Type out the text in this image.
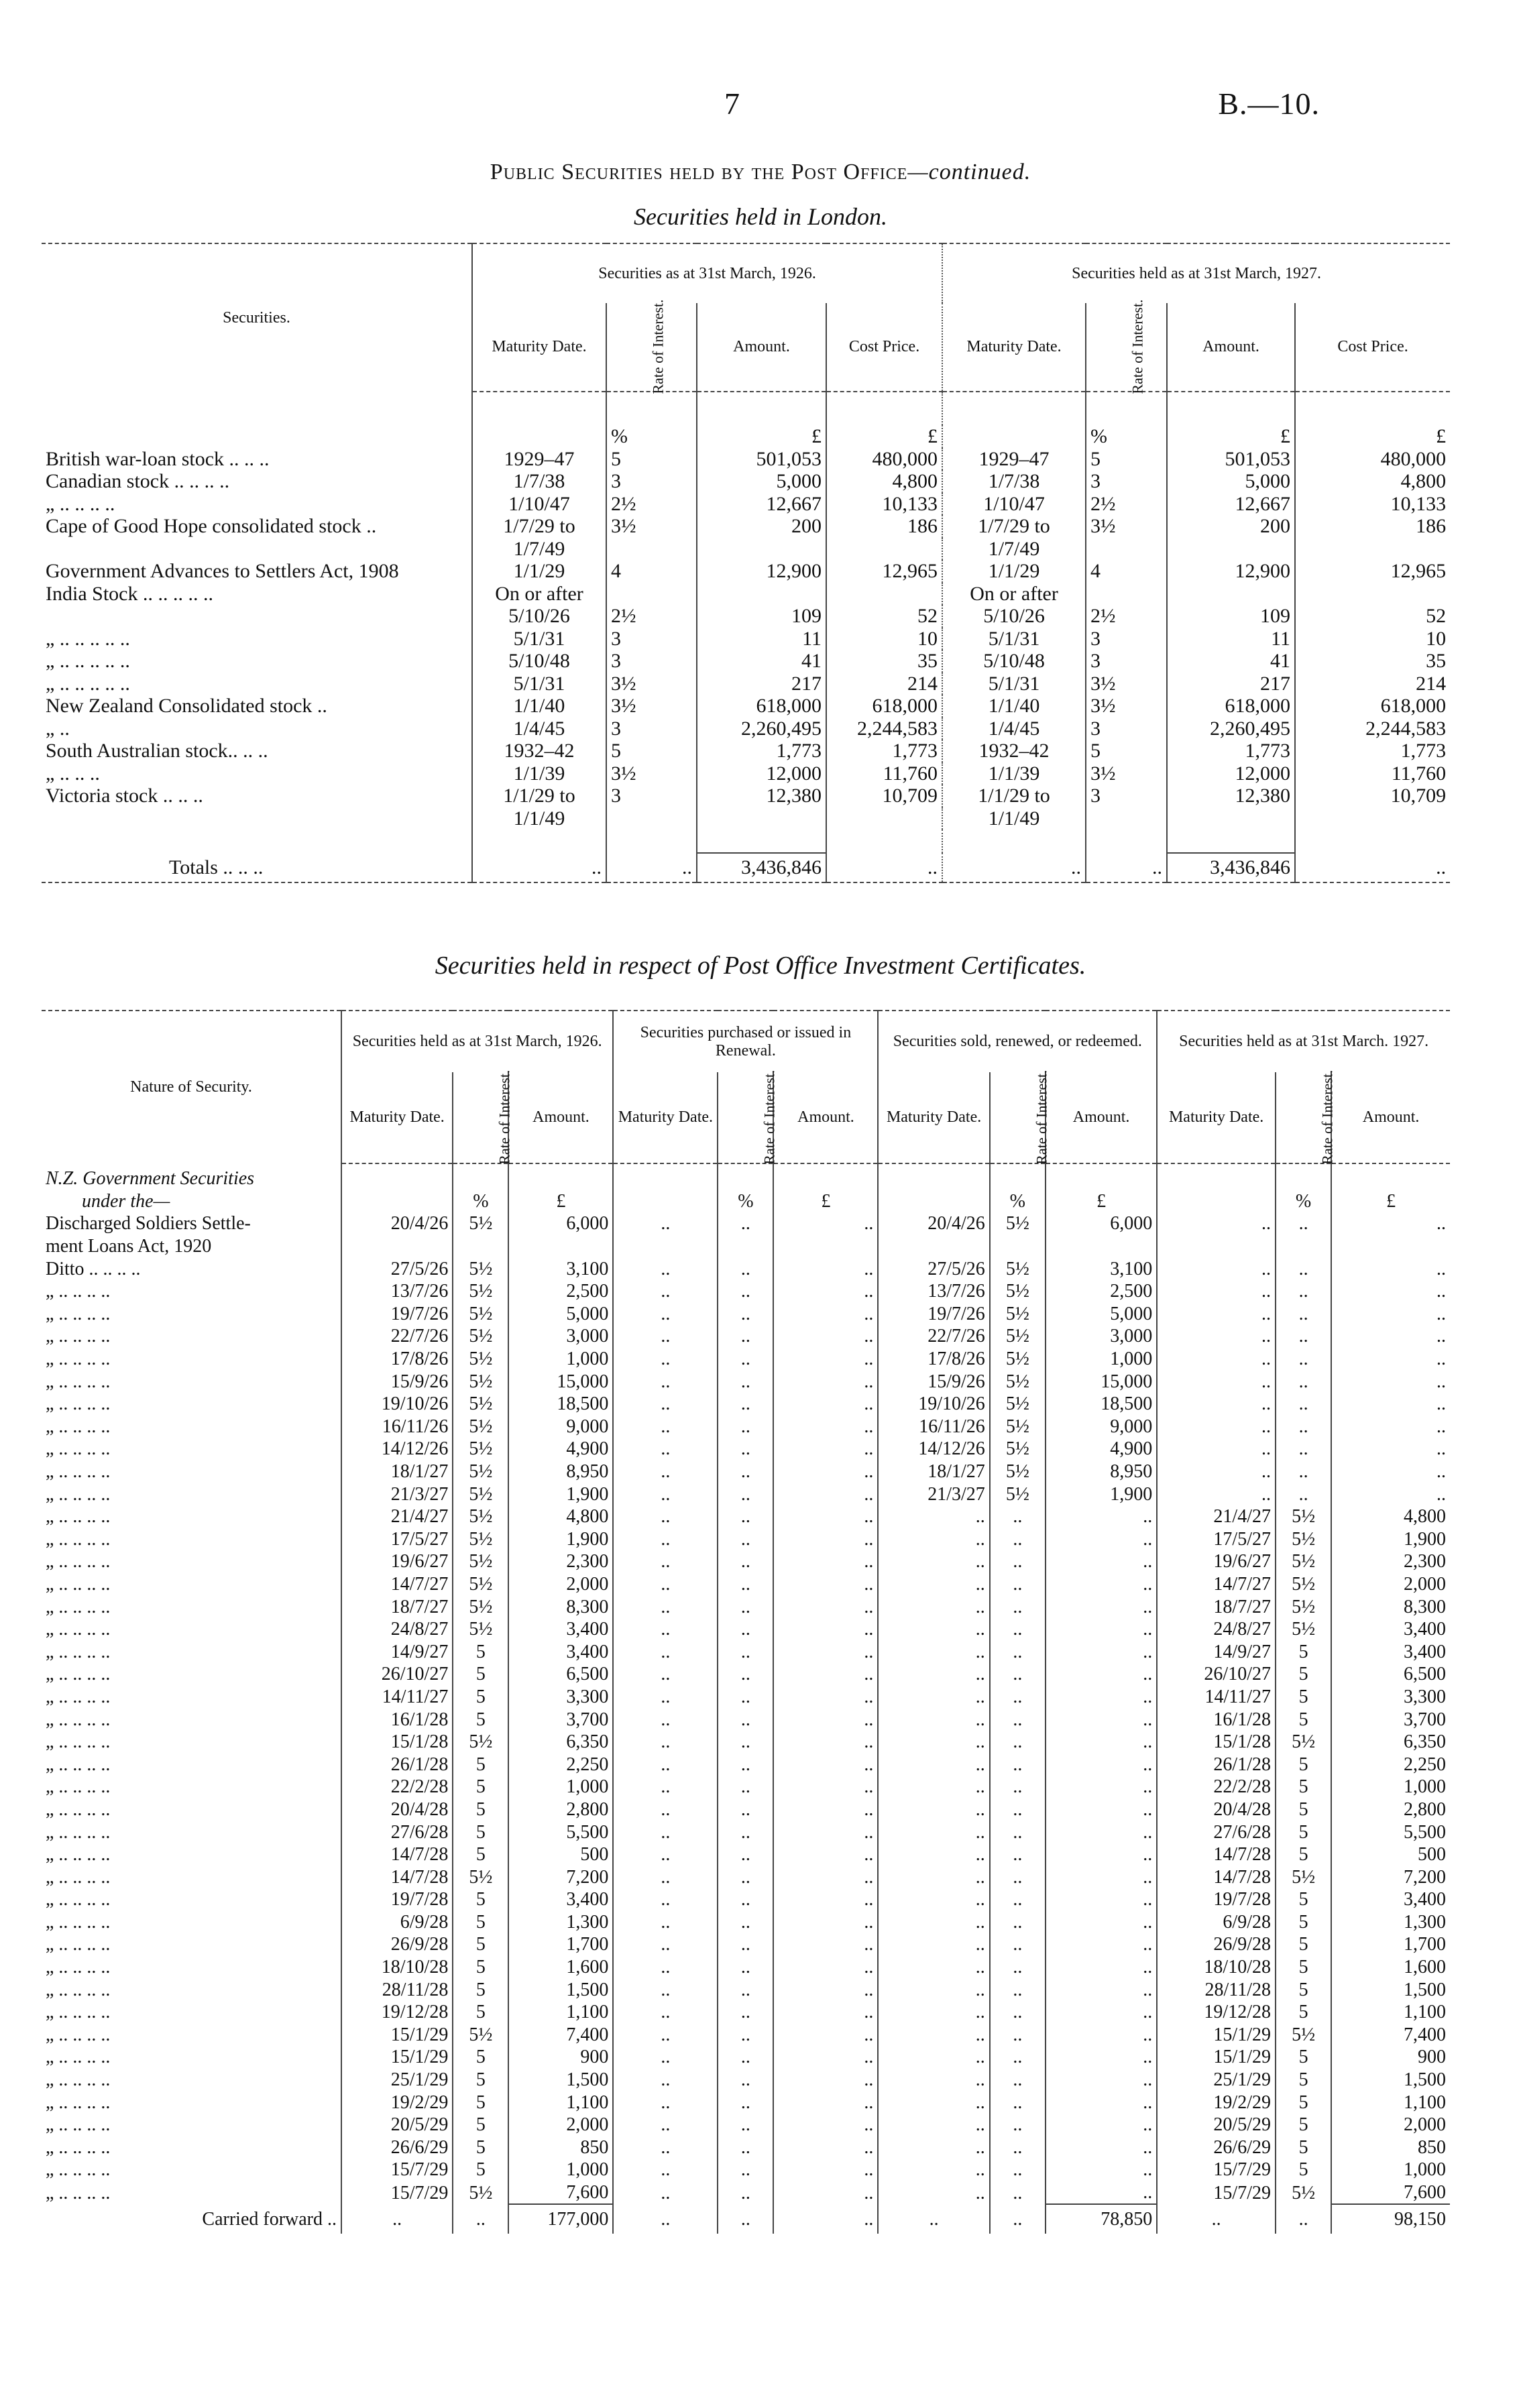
7	B.—10.
Public Securities held by the Post Office—continued.
Securities held in London.
Securities.	Securities as at 31st March, 1926.				Securities held as at 31st March, 1927.			
	Maturity Date.	Rate of Interest.	Amount.	Cost Price.	Maturity Date.	Rate of Interest.	Amount.	Cost Price.

		%	£	£		%	£	£
British war-loan stock .. .. ..	1929–47	5	501,053	480,000	1929–47	5	501,053	480,000
Canadian stock .. .. .. ..	1/7/38	3	5,000	4,800	1/7/38	3	5,000	4,800
„ .. .. .. ..	1/10/47	2½	12,667	10,133	1/10/47	2½	12,667	10,133
Cape of Good Hope consolidated stock ..	1/7/29 to	3½	200	186	1/7/29 to	3½	200	186
	1/7/49				1/7/49			
Government Advances to Settlers Act, 1908	1/1/29	4	12,900	12,965	1/1/29	4	12,900	12,965
India Stock .. .. .. .. ..	On or after				On or after			
	5/10/26	2½	109	52	5/10/26	2½	109	52
„ .. .. .. .. ..	5/1/31	3	11	10	5/1/31	3	11	10
„ .. .. .. .. ..	5/10/48	3	41	35	5/10/48	3	41	35
„ .. .. .. .. ..	5/1/31	3½	217	214	5/1/31	3½	217	214
New Zealand Consolidated stock ..	1/1/40	3½	618,000	618,000	1/1/40	3½	618,000	618,000
„ ..	1/4/45	3	2,260,495	2,244,583	1/4/45	3	2,260,495	2,244,583
South Australian stock.. .. ..	1932–42	5	1,773	1,773	1932–42	5	1,773	1,773
„ .. .. ..	1/1/39	3½	12,000	11,760	1/1/39	3½	12,000	11,760
Victoria stock .. .. ..	1/1/29 to	3	12,380	10,709	1/1/29 to	3	12,380	10,709
	1/1/49				1/1/49			

Totals .. .. ..	..	..	3,436,846	..	..	..	3,436,846	..
Securities held in respect of Post Office Investment Certificates.
Nature of Security.	Securities held as at 31st March, 1926.			Securities purchased or issued in Renewal.			Securities sold, renewed, or redeemed.			Securities held as at 31st March. 1927.		
	Maturity Date.	Rate of Interest.	Amount.	Maturity Date.	Rate of Interest.	Amount.	Maturity Date.	Rate of Interest.	Amount.	Maturity Date.	Rate of Interest.	Amount.
N.Z. Government Securities												
under the—		%	£		%	£		%	£		%	£
Discharged Soldiers Settle-	20/4/26	5½	6,000	..	..	..	20/4/26	5½	6,000	..	..	..
ment Loans Act, 1920												
Ditto .. .. .. ..	27/5/26	5½	3,100	..	..	..	27/5/26	5½	3,100	..	..	..
„ .. .. .. ..	13/7/26	5½	2,500	..	..	..	13/7/26	5½	2,500	..	..	..
„ .. .. .. ..	19/7/26	5½	5,000	..	..	..	19/7/26	5½	5,000	..	..	..
„ .. .. .. ..	22/7/26	5½	3,000	..	..	..	22/7/26	5½	3,000	..	..	..
„ .. .. .. ..	17/8/26	5½	1,000	..	..	..	17/8/26	5½	1,000	..	..	..
„ .. .. .. ..	15/9/26	5½	15,000	..	..	..	15/9/26	5½	15,000	..	..	..
„ .. .. .. ..	19/10/26	5½	18,500	..	..	..	19/10/26	5½	18,500	..	..	..
„ .. .. .. ..	16/11/26	5½	9,000	..	..	..	16/11/26	5½	9,000	..	..	..
„ .. .. .. ..	14/12/26	5½	4,900	..	..	..	14/12/26	5½	4,900	..	..	..
„ .. .. .. ..	18/1/27	5½	8,950	..	..	..	18/1/27	5½	8,950	..	..	..
„ .. .. .. ..	21/3/27	5½	1,900	..	..	..	21/3/27	5½	1,900	..	..	..
„ .. .. .. ..	21/4/27	5½	4,800	..	..	..	..	..	..	21/4/27	5½	4,800
„ .. .. .. ..	17/5/27	5½	1,900	..	..	..	..	..	..	17/5/27	5½	1,900
„ .. .. .. ..	19/6/27	5½	2,300	..	..	..	..	..	..	19/6/27	5½	2,300
„ .. .. .. ..	14/7/27	5½	2,000	..	..	..	..	..	..	14/7/27	5½	2,000
„ .. .. .. ..	18/7/27	5½	8,300	..	..	..	..	..	..	18/7/27	5½	8,300
„ .. .. .. ..	24/8/27	5½	3,400	..	..	..	..	..	..	24/8/27	5½	3,400
„ .. .. .. ..	14/9/27	5	3,400	..	..	..	..	..	..	14/9/27	5	3,400
„ .. .. .. ..	26/10/27	5	6,500	..	..	..	..	..	..	26/10/27	5	6,500
„ .. .. .. ..	14/11/27	5	3,300	..	..	..	..	..	..	14/11/27	5	3,300
„ .. .. .. ..	16/1/28	5	3,700	..	..	..	..	..	..	16/1/28	5	3,700
„ .. .. .. ..	15/1/28	5½	6,350	..	..	..	..	..	..	15/1/28	5½	6,350
„ .. .. .. ..	26/1/28	5	2,250	..	..	..	..	..	..	26/1/28	5	2,250
„ .. .. .. ..	22/2/28	5	1,000	..	..	..	..	..	..	22/2/28	5	1,000
„ .. .. .. ..	20/4/28	5	2,800	..	..	..	..	..	..	20/4/28	5	2,800
„ .. .. .. ..	27/6/28	5	5,500	..	..	..	..	..	..	27/6/28	5	5,500
„ .. .. .. ..	14/7/28	5	500	..	..	..	..	..	..	14/7/28	5	500
„ .. .. .. ..	14/7/28	5½	7,200	..	..	..	..	..	..	14/7/28	5½	7,200
„ .. .. .. ..	19/7/28	5	3,400	..	..	..	..	..	..	19/7/28	5	3,400
„ .. .. .. ..	6/9/28	5	1,300	..	..	..	..	..	..	6/9/28	5	1,300
„ .. .. .. ..	26/9/28	5	1,700	..	..	..	..	..	..	26/9/28	5	1,700
„ .. .. .. ..	18/10/28	5	1,600	..	..	..	..	..	..	18/10/28	5	1,600
„ .. .. .. ..	28/11/28	5	1,500	..	..	..	..	..	..	28/11/28	5	1,500
„ .. .. .. ..	19/12/28	5	1,100	..	..	..	..	..	..	19/12/28	5	1,100
„ .. .. .. ..	15/1/29	5½	7,400	..	..	..	..	..	..	15/1/29	5½	7,400
„ .. .. .. ..	15/1/29	5	900	..	..	..	..	..	..	15/1/29	5	900
„ .. .. .. ..	25/1/29	5	1,500	..	..	..	..	..	..	25/1/29	5	1,500
„ .. .. .. ..	19/2/29	5	1,100	..	..	..	..	..	..	19/2/29	5	1,100
„ .. .. .. ..	20/5/29	5	2,000	..	..	..	..	..	..	20/5/29	5	2,000
„ .. .. .. ..	26/6/29	5	850	..	..	..	..	..	..	26/6/29	5	850
„ .. .. .. ..	15/7/29	5	1,000	..	..	..	..	..	..	15/7/29	5	1,000
„ .. .. .. ..	15/7/29	5½	7,600	..	..	..	..	..	..	15/7/29	5½	7,600
Carried forward ..	..	..	177,000	..	..	..	..	..	78,850	..	..	98,150
